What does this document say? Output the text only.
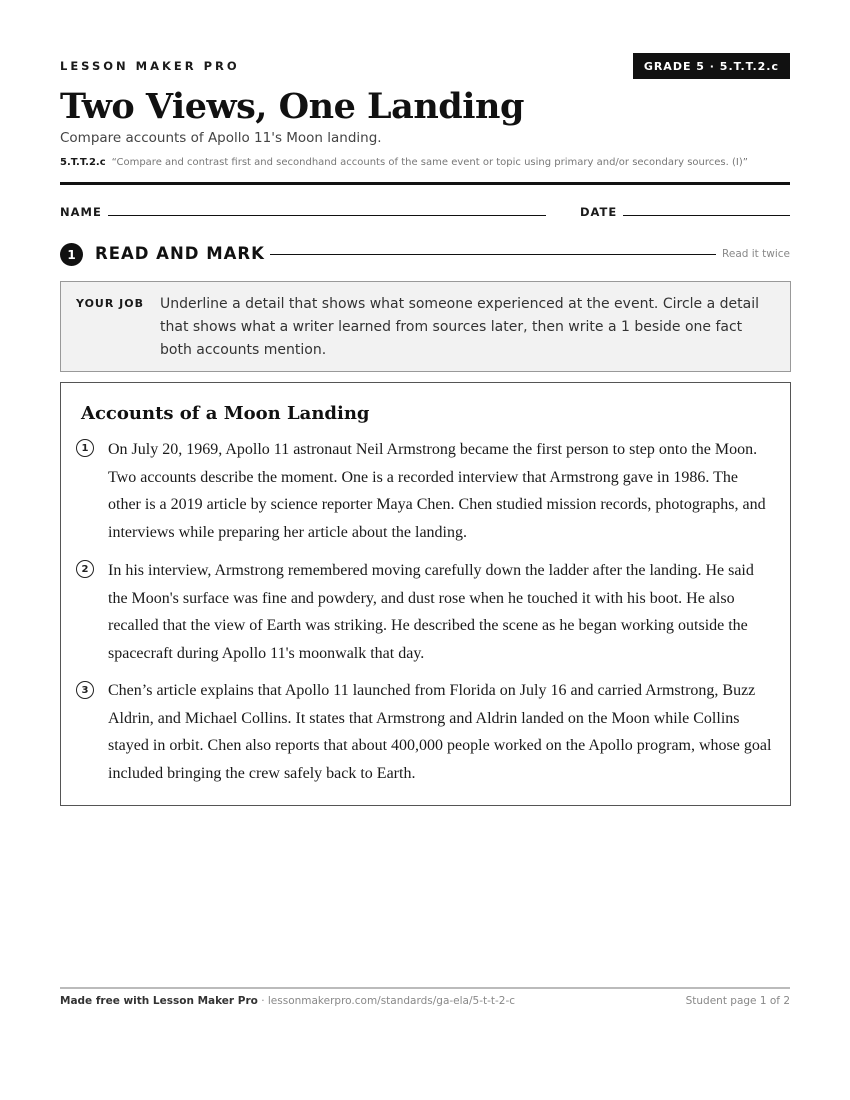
LESSON MAKER PRO	GRADE 5 · 5.T.T.2.c
Two Views, One Landing
Compare accounts of Apollo 11's Moon landing.
5.T.T.2.c “Compare and contrast first and secondhand accounts of the same event or topic using primary and/or secondary sources. (I)”
NAME	DATE
1	READ AND MARK	Read it twice
YOUR JOB Underline a detail that shows what someone experienced at the event. Circle a detail that shows what a writer learned from sources later, then write a 1 beside one fact both accounts mention.
Accounts of a Moon Landing
1	On July 20, 1969, Apollo 11 astronaut Neil Armstrong became the first person to step onto the Moon. Two accounts describe the moment. One is a recorded interview that Armstrong gave in 1986. The other is a 2019 article by science reporter Maya Chen. Chen studied mission records, photographs, and interviews while preparing her article about the landing.
2	In his interview, Armstrong remembered moving carefully down the ladder after the landing. He said the Moon's surface was fine and powdery, and dust rose when he touched it with his boot. He also recalled that the view of Earth was striking. He described the scene as he began working outside the spacecraft during Apollo 11's moonwalk that day.
3	Chen’s article explains that Apollo 11 launched from Florida on July 16 and carried Armstrong, Buzz Aldrin, and Michael Collins. It states that Armstrong and Aldrin landed on the Moon while Collins stayed in orbit. Chen also reports that about 400,000 people worked on the Apollo program, whose goal included bringing the crew safely back to Earth.
Made free with Lesson Maker Pro · lessonmakerpro.com/standards/ga-ela/5-t-t-2-c	Student page 1 of 2
